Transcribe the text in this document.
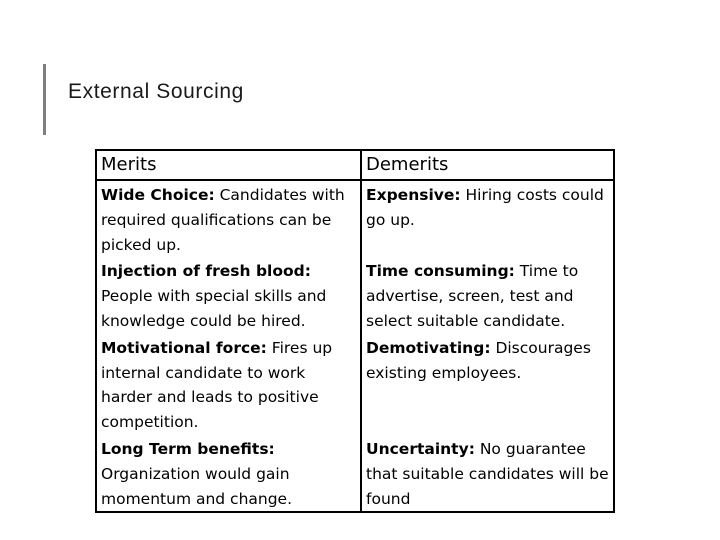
External Sourcing
Merits	Demerits
Wide Choice: Candidates with required qualifications can be picked up.	Expensive: Hiring costs could go up.
Injection of fresh blood: People with special skills and knowledge could be hired.	Time consuming: Time to advertise, screen, test and select suitable candidate.
Motivational force: Fires up internal candidate to work harder and leads to positive competition.	Demotivating: Discourages existing employees.
Long Term benefits: Organization would gain momentum and change.	Uncertainty: No guarantee that suitable candidates will be found
